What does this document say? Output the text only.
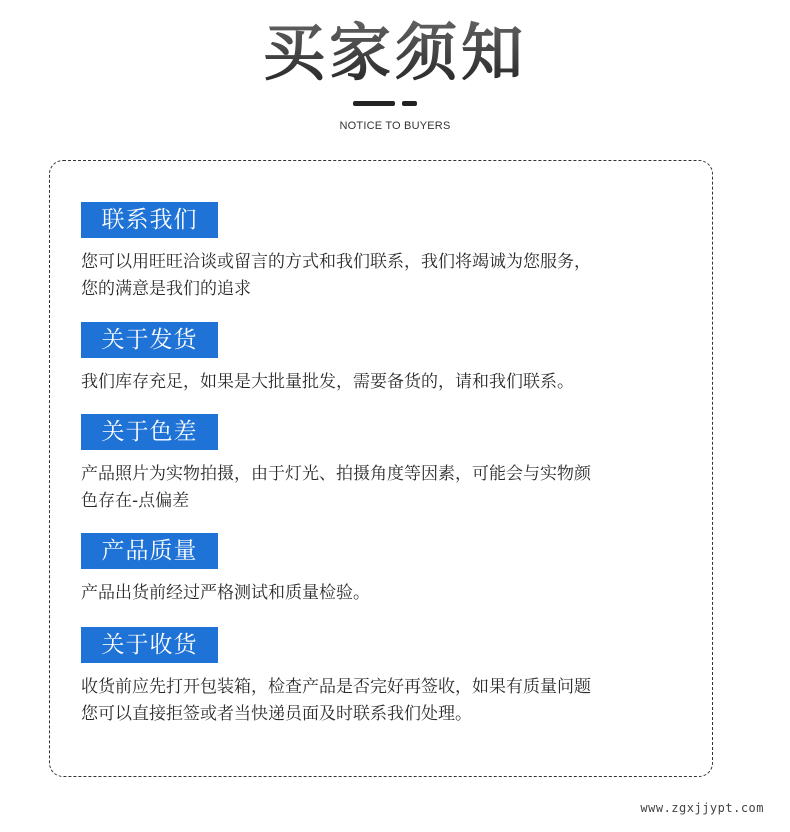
买家须知
NOTICE TO BUYERS
联系我们
您可以用旺旺洽谈或留言的方式和我们联系，我们将竭诚为您服务，
您的满意是我们的追求
关于发货
我们库存充足，如果是大批量批发，需要备货的，请和我们联系。
关于色差
产品照片为实物拍摄，由于灯光、拍摄角度等因素，可能会与实物颜
色存在-点偏差
产品质量
产品出货前经过严格测试和质量检验。
关于收货
收货前应先打开包装箱，检查产品是否完好再签收，如果有质量问题
您可以直接拒签或者当快递员面及时联系我们处理。
www.zgxjjypt.com
